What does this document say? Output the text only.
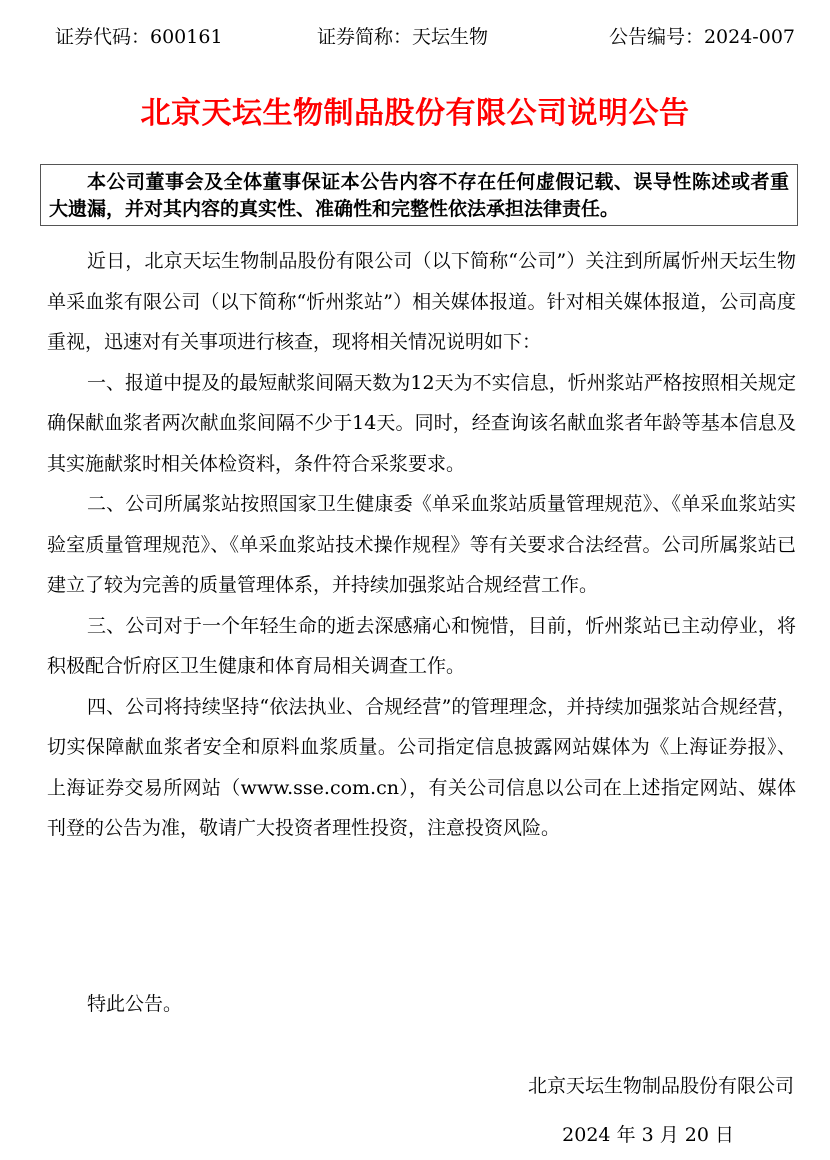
证券代码：600161	证券简称：天坛生物	公告编号：2024-007
北京天坛生物制品股份有限公司说明公告
本公司董事会及全体董事保证本公告内容不存在任何虚假记载、误导性陈述或者重大遗漏，并对其内容的真实性、准确性和完整性依法承担法律责任。

近日，北京天坛生物制品股份有限公司（以下简称“公司”）关注到所属忻州天坛生物单采血浆有限公司（以下简称“忻州浆站”）相关媒体报道。针对相关媒体报道，公司高度重视，迅速对有关事项进行核查，现将相关情况说明如下：

一、报道中提及的最短献浆间隔天数为12天为不实信息，忻州浆站严格按照相关规定确保献血浆者两次献血浆间隔不少于14天。同时，经查询该名献血浆者年龄等基本信息及其实施献浆时相关体检资料，条件符合采浆要求。

二、公司所属浆站按照国家卫生健康委《单采血浆站质量管理规范》、《单采血浆站实验室质量管理规范》、《单采血浆站技术操作规程》等有关要求合法经营。公司所属浆站已建立了较为完善的质量管理体系，并持续加强浆站合规经营工作。

三、公司对于一个年轻生命的逝去深感痛心和惋惜，目前，忻州浆站已主动停业，将积极配合忻府区卫生健康和体育局相关调查工作。

四、公司将持续坚持“依法执业、合规经营”的管理理念，并持续加强浆站合规经营，切实保障献血浆者安全和原料血浆质量。公司指定信息披露网站媒体为《上海证券报》、上海证券交易所网站（www.sse.com.cn），有关公司信息以公司在上述指定网站、媒体刊登的公告为准，敬请广大投资者理性投资，注意投资风险。

特此公告。
北京天坛生物制品股份有限公司
2024 年 3 月 20 日
